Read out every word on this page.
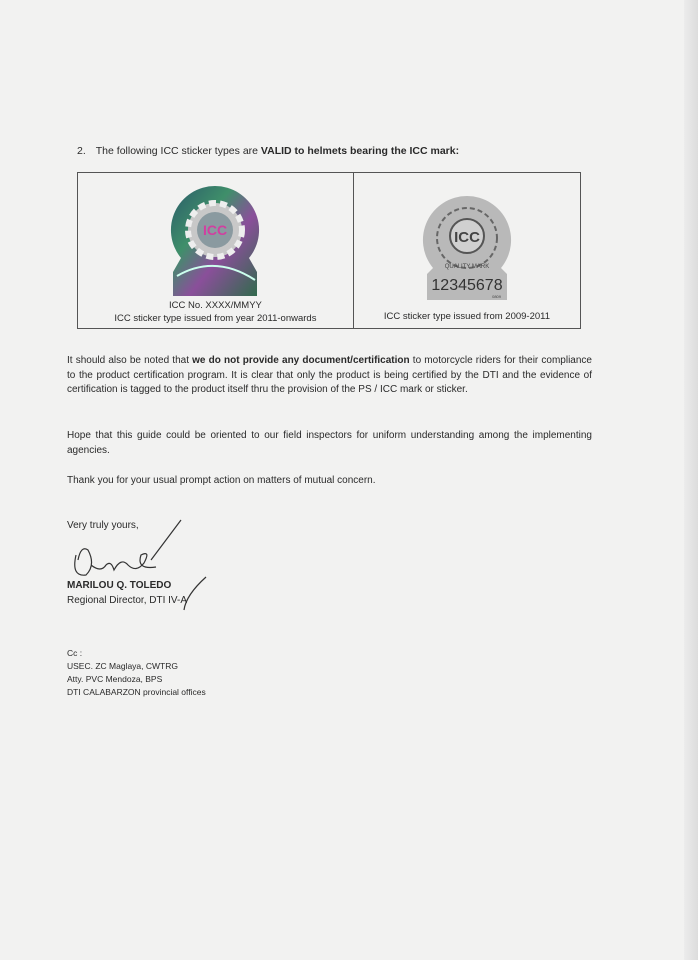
2. The following ICC sticker types are VALID to helmets bearing the ICC mark:
ICC
ICC No. XXXX/MMYY
ICC sticker type issued from year 2011-onwards

ICC
QUALITY MARK
12345678
0809
ICC sticker type issued from 2009-2011
It should also be noted that we do not provide any document/certification to motorcycle riders for their compliance to the product certification program. It is clear that only the product is being certified by the DTI and the evidence of certification is tagged to the product itself thru the provision of the PS / ICC mark or sticker.
Hope that this guide could be oriented to our field inspectors for uniform understanding among the implementing agencies.
Thank you for your usual prompt action on matters of mutual concern.
Very truly yours,
MARILOU Q. TOLEDO
Regional Director, DTI IV-A
Cc :
USEC. ZC Maglaya, CWTRG
Atty. PVC Mendoza, BPS
DTI CALABARZON provincial offices
